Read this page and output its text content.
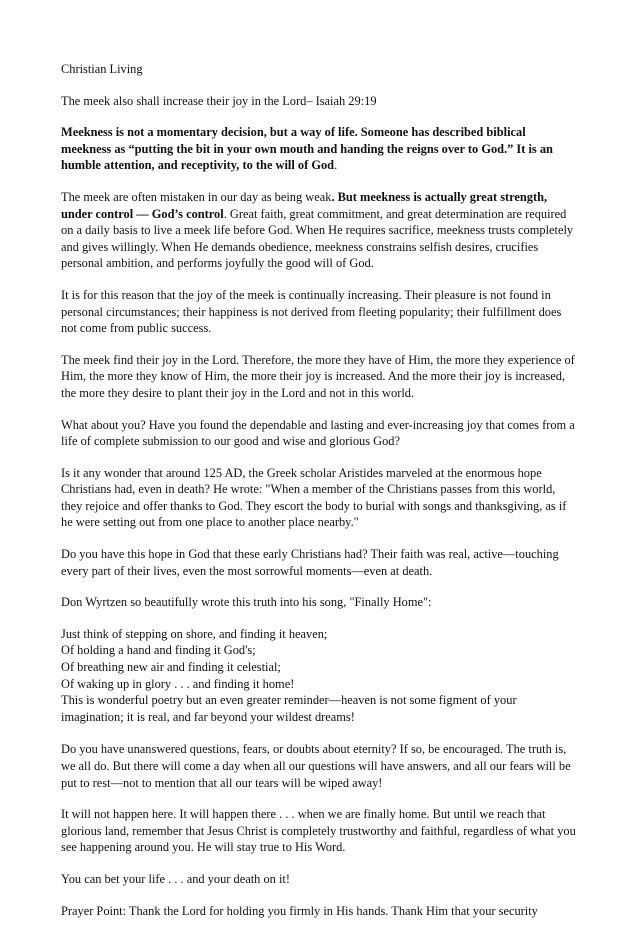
Christian Living

The meek also shall increase their joy in the Lord– Isaiah 29:19

Meekness is not a momentary decision, but a way of life. Someone has described biblical meekness as “putting the bit in your own mouth and handing the reigns over to God.” It is an humble attention, and receptivity, to the will of God.

The meek are often mistaken in our day as being weak. But meekness is actually great strength, under control — God’s control. Great faith, great commitment, and great determination are required on a daily basis to live a meek life before God. When He requires sacrifice, meekness trusts completely and gives willingly. When He demands obedience, meekness constrains selfish desires, crucifies personal ambition, and performs joyfully the good will of God.

It is for this reason that the joy of the meek is continually increasing. Their pleasure is not found in personal circumstances; their happiness is not derived from fleeting popularity; their fulfillment does not come from public success.

The meek find their joy in the Lord. Therefore, the more they have of Him, the more they experience of Him, the more they know of Him, the more their joy is increased. And the more their joy is increased, the more they desire to plant their joy in the Lord and not in this world.

What about you? Have you found the dependable and lasting and ever-increasing joy that comes from a life of complete submission to our good and wise and glorious God?

Is it any wonder that around 125 AD, the Greek scholar Aristides marveled at the enormous hope Christians had, even in death? He wrote: "When a member of the Christians passes from this world, they rejoice and offer thanks to God. They escort the body to burial with songs and thanksgiving, as if he were setting out from one place to another place nearby."

Do you have this hope in God that these early Christians had? Their faith was real, active—touching every part of their lives, even the most sorrowful moments—even at death.

Don Wyrtzen so beautifully wrote this truth into his song, "Finally Home":

Just think of stepping on shore, and finding it heaven;
Of holding a hand and finding it God's;
Of breathing new air and finding it celestial;
Of waking up in glory . . . and finding it home!
This is wonderful poetry but an even greater reminder—heaven is not some figment of your imagination; it is real, and far beyond your wildest dreams!

Do you have unanswered questions, fears, or doubts about eternity? If so, be encouraged. The truth is, we all do. But there will come a day when all our questions will have answers, and all our fears will be put to rest—not to mention that all our tears will be wiped away!

It will not happen here. It will happen there . . . when we are finally home. But until we reach that glorious land, remember that Jesus Christ is completely trustworthy and faithful, regardless of what you see happening around you. He will stay true to His Word.

You can bet your life . . . and your death on it!

Prayer Point: Thank the Lord for holding you firmly in His hands. Thank Him that your security
